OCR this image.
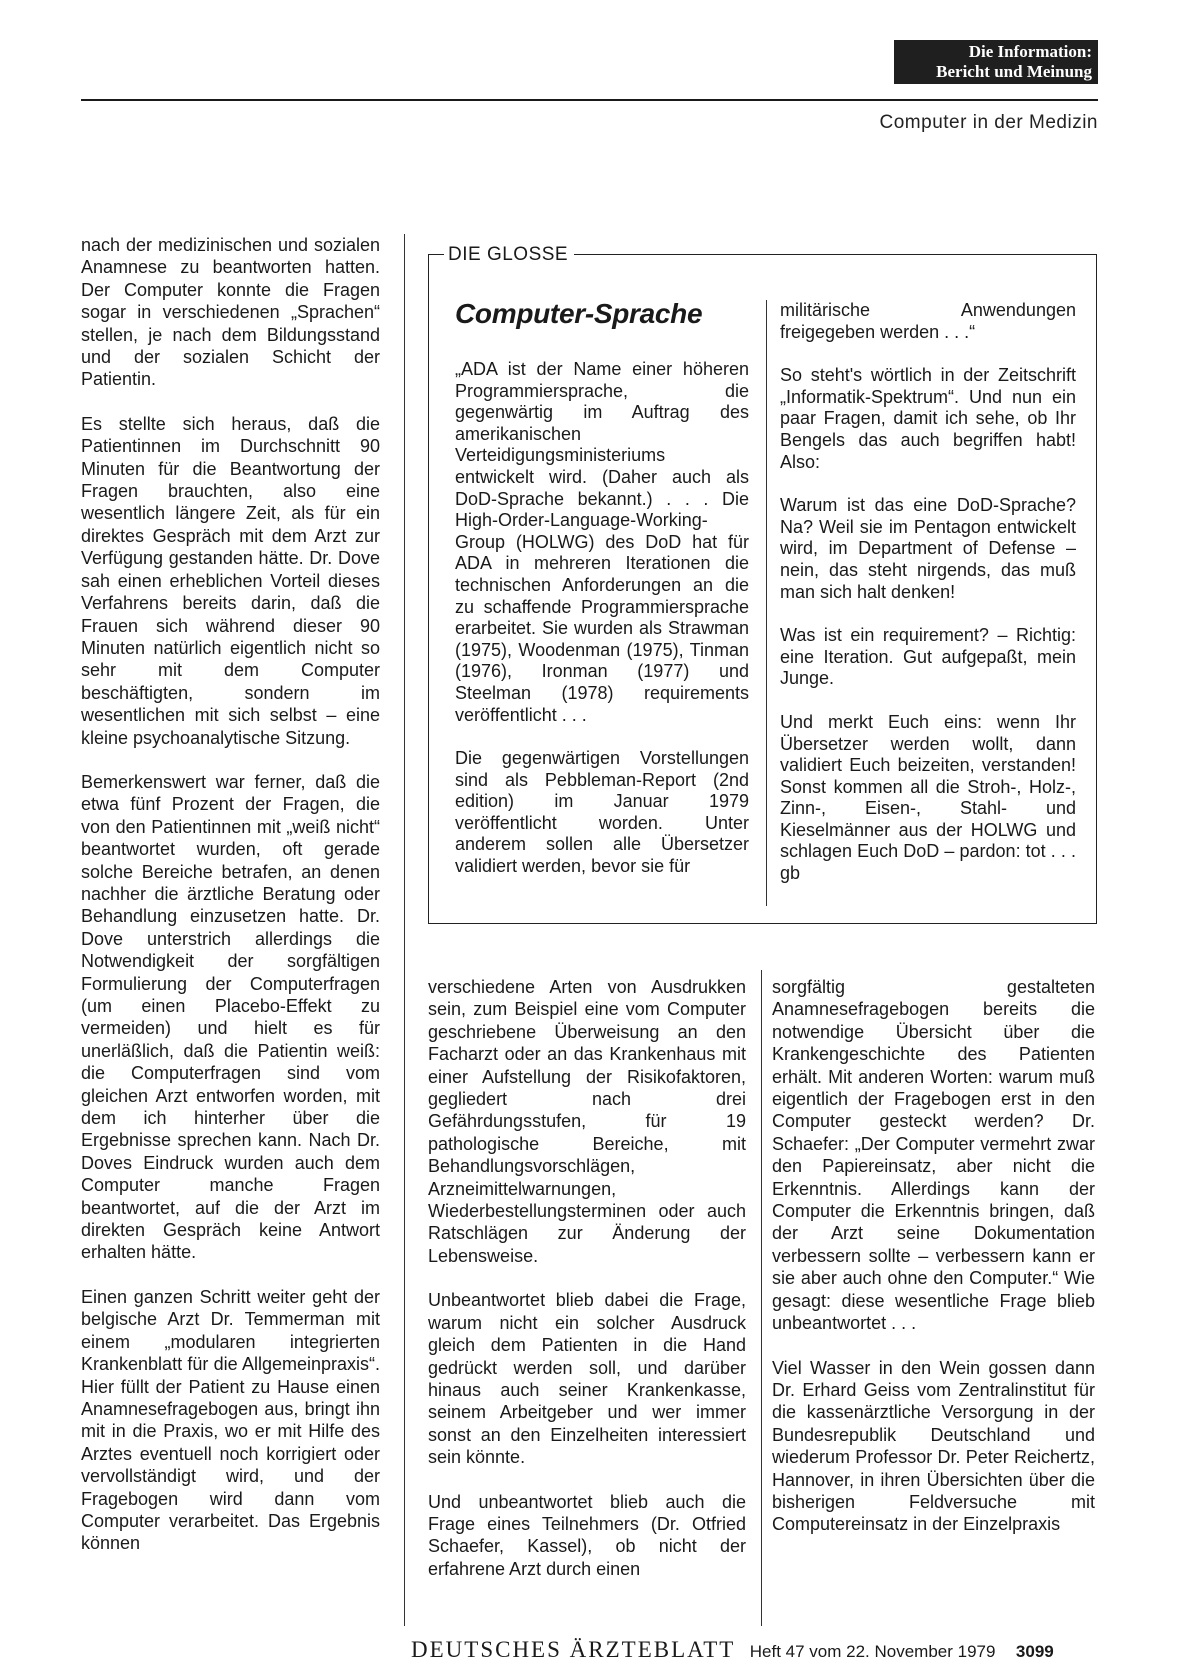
Die Information:
Bericht und Meinung
Computer in der Medizin

nach der medizinischen und sozialen Anamnese zu beantworten hatten. Der Computer konnte die Fragen sogar in verschiedenen „Sprachen“ stellen, je nach dem Bildungsstand und der sozialen Schicht der Patientin.

Es stellte sich heraus, daß die Patientinnen im Durchschnitt 90 Minuten für die Beantwortung der Fragen brauchten, also eine wesentlich längere Zeit, als für ein direktes Gespräch mit dem Arzt zur Verfügung gestanden hätte. Dr. Dove sah einen erheblichen Vorteil dieses Verfahrens bereits darin, daß die Frauen sich während dieser 90 Minuten natürlich eigentlich nicht so sehr mit dem Computer beschäftigten, sondern im wesentlichen mit sich selbst – eine kleine psychoanalytische Sitzung.

Bemerkenswert war ferner, daß die etwa fünf Prozent der Fragen, die von den Patientinnen mit „weiß nicht“ beantwortet wurden, oft gerade solche Bereiche betrafen, an denen nachher die ärztliche Beratung oder Behandlung einzusetzen hatte. Dr. Dove unterstrich allerdings die Notwendigkeit der sorgfältigen Formulierung der Computerfragen (um einen Placebo-Effekt zu vermeiden) und hielt es für unerläßlich, daß die Patientin weiß: die Computerfragen sind vom gleichen Arzt entworfen worden, mit dem ich hinterher über die Ergebnisse sprechen kann. Nach Dr. Doves Eindruck wurden auch dem Computer manche Fragen beantwortet, auf die der Arzt im direkten Gespräch keine Antwort erhalten hätte.

Einen ganzen Schritt weiter geht der belgische Arzt Dr. Temmerman mit einem „modularen integrierten Krankenblatt für die Allgemeinpraxis“. Hier füllt der Patient zu Hause einen Anamnesefragebogen aus, bringt ihn mit in die Praxis, wo er mit Hilfe des Arztes eventuell noch korrigiert oder vervollständigt wird, und der Fragebogen wird dann vom Computer verarbeitet. Das Ergebnis können

DIE GLOSSE
Computer-Sprache

„ADA ist der Name einer höheren Programmiersprache, die gegenwärtig im Auftrag des amerikanischen Verteidigungsministeriums entwickelt wird. (Daher auch als DoD-Sprache bekannt.) . . . Die High-Order-Language-Working-Group (HOLWG) des DoD hat für ADA in mehreren Iterationen die technischen Anforderungen an die zu schaffende Programmiersprache erarbeitet. Sie wurden als Strawman (1975), Woodenman (1975), Tinman (1976), Ironman (1977) und Steelman (1978) requirements veröffentlicht . . .

Die gegenwärtigen Vorstellungen sind als Pebbleman-Report (2nd edition) im Januar 1979 veröffentlicht worden. Unter anderem sollen alle Übersetzer validiert werden, bevor sie für

militärische Anwendungen freigegeben werden . . .“

So steht's wörtlich in der Zeitschrift „Informatik-Spektrum“. Und nun ein paar Fragen, damit ich sehe, ob Ihr Bengels das auch begriffen habt! Also:

Warum ist das eine DoD-Sprache? Na? Weil sie im Pentagon entwickelt wird, im Department of Defense – nein, das steht nirgends, das muß man sich halt denken!

Was ist ein requirement? – Richtig: eine Iteration. Gut aufgepaßt, mein Junge.

Und merkt Euch eins: wenn Ihr Übersetzer werden wollt, dann validiert Euch beizeiten, verstanden! Sonst kommen all die Stroh-, Holz-, Zinn-, Eisen-, Stahl- und Kieselmänner aus der HOLWG und schlagen Euch DoD – pardon: tot . . . gb

verschiedene Arten von Ausdrukken sein, zum Beispiel eine vom Computer geschriebene Überweisung an den Facharzt oder an das Krankenhaus mit einer Aufstellung der Risikofaktoren, gegliedert nach drei Gefährdungsstufen, für 19 pathologische Bereiche, mit Behandlungsvorschlägen, Arzneimittelwarnungen, Wiederbestellungsterminen oder auch Ratschlägen zur Änderung der Lebensweise.

Unbeantwortet blieb dabei die Frage, warum nicht ein solcher Ausdruck gleich dem Patienten in die Hand gedrückt werden soll, und darüber hinaus auch seiner Krankenkasse, seinem Arbeitgeber und wer immer sonst an den Einzelheiten interessiert sein könnte.

Und unbeantwortet blieb auch die Frage eines Teilnehmers (Dr. Otfried Schaefer, Kassel), ob nicht der erfahrene Arzt durch einen

sorgfältig gestalteten Anamnesefragebogen bereits die notwendige Übersicht über die Krankengeschichte des Patienten erhält. Mit anderen Worten: warum muß eigentlich der Fragebogen erst in den Computer gesteckt werden? Dr. Schaefer: „Der Computer vermehrt zwar den Papiereinsatz, aber nicht die Erkenntnis. Allerdings kann der Computer die Erkenntnis bringen, daß der Arzt seine Dokumentation verbessern sollte – verbessern kann er sie aber auch ohne den Computer.“ Wie gesagt: diese wesentliche Frage blieb unbeantwortet . . .

Viel Wasser in den Wein gossen dann Dr. Erhard Geiss vom Zentralinstitut für die kassenärztliche Versorgung in der Bundesrepublik Deutschland und wiederum Professor Dr. Peter Reichertz, Hannover, in ihren Übersichten über die bisherigen Feldversuche mit Computereinsatz in der Einzelpraxis

DEUTSCHES ÄRZTEBLATT Heft 47 vom 22. November 1979 3099
